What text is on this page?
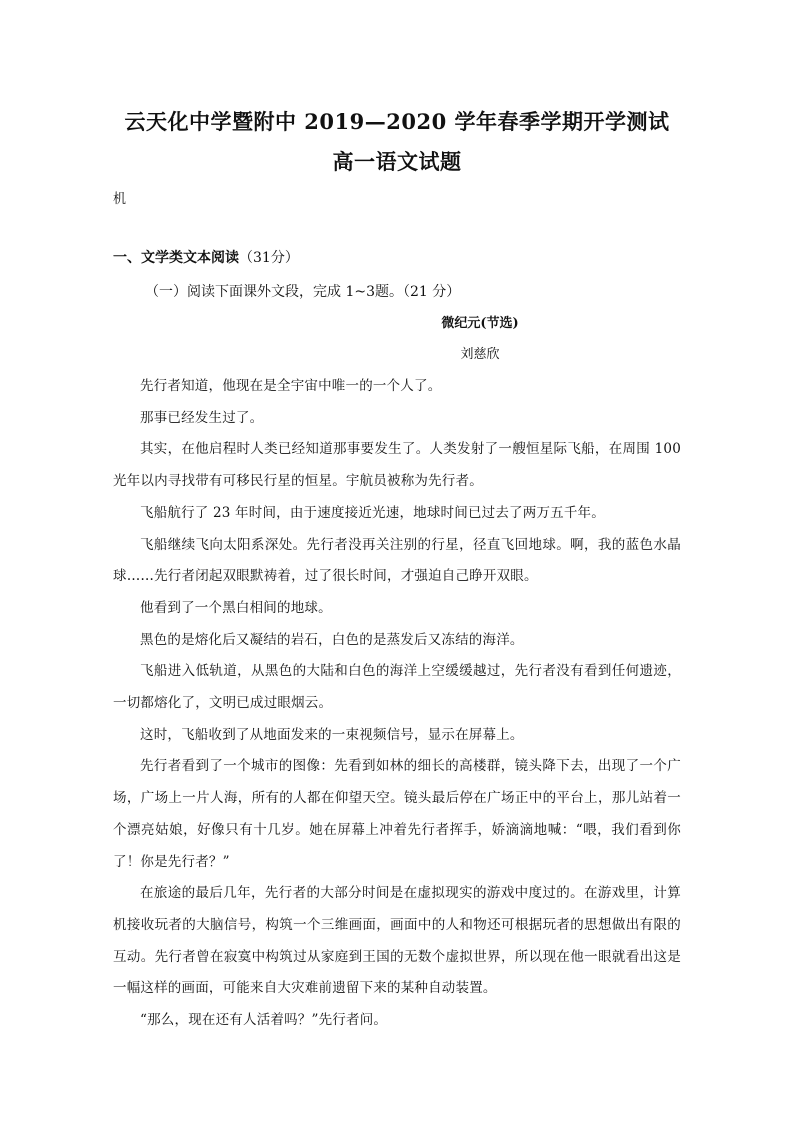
云天化中学暨附中 2019—2020 学年春季学期开学测试
高一语文试题
机
一、文学类文本阅读（31分）
（一）阅读下面课外文段，完成 1~3题。（21 分）
微纪元(节选)
刘慈欣

先行者知道，他现在是全宇宙中唯一的一个人了。

那事已经发生过了。

其实，在他启程时人类已经知道那事要发生了。人类发射了一艘恒星际飞船，在周围 100光年以内寻找带有可移民行星的恒星。宇航员被称为先行者。

飞船航行了 23 年时间，由于速度接近光速，地球时间已过去了两万五千年。

飞船继续飞向太阳系深处。先行者没再关注别的行星，径直飞回地球。啊，我的蓝色水晶球……先行者闭起双眼默祷着，过了很长时间，才强迫自己睁开双眼。

他看到了一个黑白相间的地球。

黑色的是熔化后又凝结的岩石，白色的是蒸发后又冻结的海洋。

飞船进入低轨道，从黑色的大陆和白色的海洋上空缓缓越过，先行者没有看到任何遗迹，一切都熔化了，文明已成过眼烟云。

这时，飞船收到了从地面发来的一束视频信号，显示在屏幕上。

先行者看到了一个城市的图像：先看到如林的细长的高楼群，镜头降下去，出现了一个广场，广场上一片人海，所有的人都在仰望天空。镜头最后停在广场正中的平台上，那儿站着一个漂亮姑娘，好像只有十几岁。她在屏幕上冲着先行者挥手，娇滴滴地喊：“喂，我们看到你了！你是先行者？”

在旅途的最后几年，先行者的大部分时间是在虚拟现实的游戏中度过的。在游戏里，计算机接收玩者的大脑信号，构筑一个三维画面，画面中的人和物还可根据玩者的思想做出有限的互动。先行者曾在寂寞中构筑过从家庭到王国的无数个虚拟世界，所以现在他一眼就看出这是一幅这样的画面，可能来自大灾难前遗留下来的某种自动装置。

“那么，现在还有人活着吗？”先行者问。
